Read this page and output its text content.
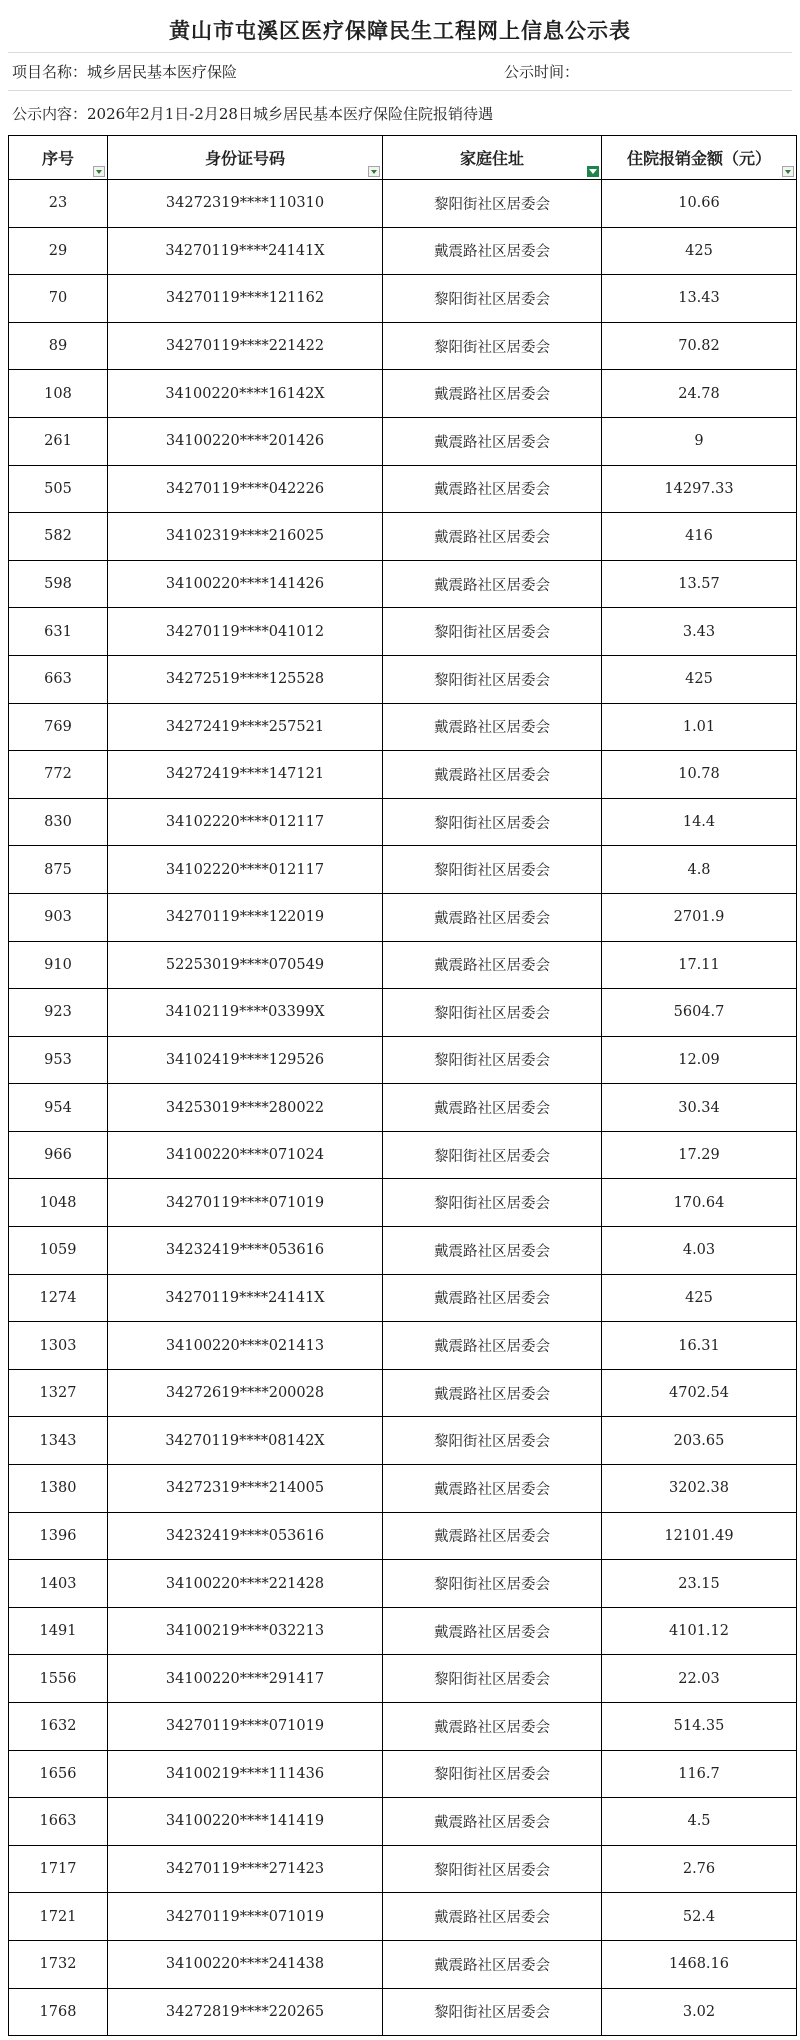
黄山市屯溪区医疗保障民生工程网上信息公示表
项目名称：城乡居民基本医疗保险	公示时间：
公示内容：2026年2月1日-2月28日城乡居民基本医疗保险住院报销待遇
序号	身份证号码	家庭住址	住院报销金额（元）

23	34272319****110310	黎阳街社区居委会	10.66
29	34270119****24141X	戴震路社区居委会	425
70	34270119****121162	黎阳街社区居委会	13.43
89	34270119****221422	黎阳街社区居委会	70.82
108	34100220****16142X	戴震路社区居委会	24.78
261	34100220****201426	戴震路社区居委会	9
505	34270119****042226	戴震路社区居委会	14297.33
582	34102319****216025	戴震路社区居委会	416
598	34100220****141426	戴震路社区居委会	13.57
631	34270119****041012	黎阳街社区居委会	3.43
663	34272519****125528	黎阳街社区居委会	425
769	34272419****257521	戴震路社区居委会	1.01
772	34272419****147121	戴震路社区居委会	10.78
830	34102220****012117	黎阳街社区居委会	14.4
875	34102220****012117	黎阳街社区居委会	4.8
903	34270119****122019	戴震路社区居委会	2701.9
910	52253019****070549	戴震路社区居委会	17.11
923	34102119****03399X	黎阳街社区居委会	5604.7
953	34102419****129526	黎阳街社区居委会	12.09
954	34253019****280022	戴震路社区居委会	30.34
966	34100220****071024	黎阳街社区居委会	17.29
1048	34270119****071019	黎阳街社区居委会	170.64
1059	34232419****053616	戴震路社区居委会	4.03
1274	34270119****24141X	戴震路社区居委会	425
1303	34100220****021413	戴震路社区居委会	16.31
1327	34272619****200028	戴震路社区居委会	4702.54
1343	34270119****08142X	黎阳街社区居委会	203.65
1380	34272319****214005	戴震路社区居委会	3202.38
1396	34232419****053616	戴震路社区居委会	12101.49
1403	34100220****221428	黎阳街社区居委会	23.15
1491	34100219****032213	戴震路社区居委会	4101.12
1556	34100220****291417	黎阳街社区居委会	22.03
1632	34270119****071019	戴震路社区居委会	514.35
1656	34100219****111436	黎阳街社区居委会	116.7
1663	34100220****141419	戴震路社区居委会	4.5
1717	34270119****271423	黎阳街社区居委会	2.76
1721	34270119****071019	戴震路社区居委会	52.4
1732	34100220****241438	戴震路社区居委会	1468.16
1768	34272819****220265	黎阳街社区居委会	3.02
